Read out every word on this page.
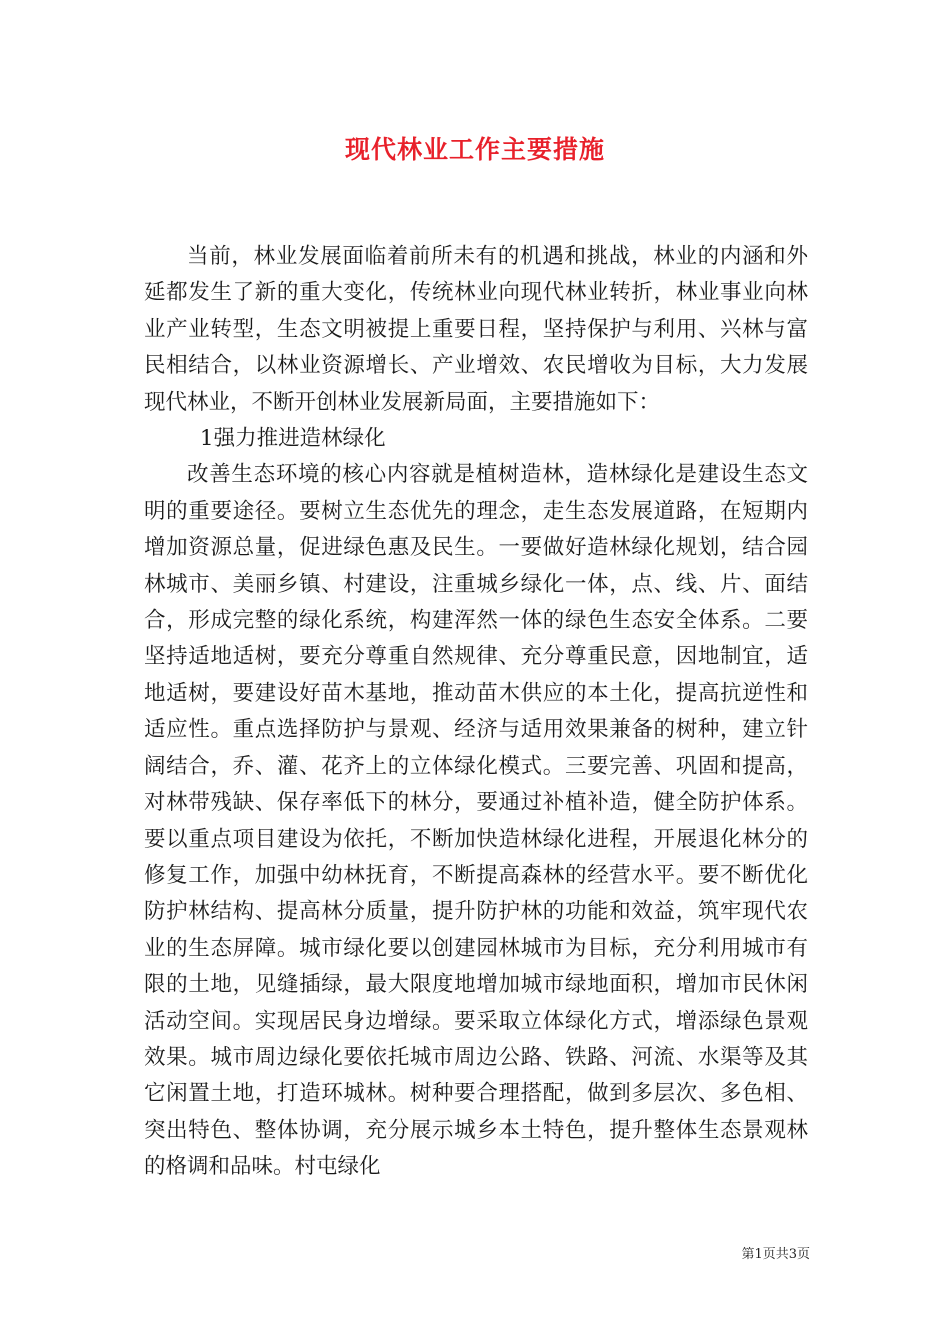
现代林业工作主要措施

当前，林业发展面临着前所未有的机遇和挑战，林业的内涵和外延都发生了新的重大变化，传统林业向现代林业转折，林业事业向林业产业转型，生态文明被提上重要日程，坚持保护与利用、兴林与富民相结合，以林业资源增长、产业增效、农民增收为目标，大力发展现代林业，不断开创林业发展新局面，主要措施如下：

1强力推进造林绿化

改善生态环境的核心内容就是植树造林，造林绿化是建设生态文明的重要途径。要树立生态优先的理念，走生态发展道路，在短期内增加资源总量，促进绿色惠及民生。一要做好造林绿化规划，结合园林城市、美丽乡镇、村建设，注重城乡绿化一体，点、线、片、面结合，形成完整的绿化系统，构建浑然一体的绿色生态安全体系。二要坚持适地适树，要充分尊重自然规律、充分尊重民意，因地制宜，适地适树，要建设好苗木基地，推动苗木供应的本土化，提高抗逆性和适应性。重点选择防护与景观、经济与适用效果兼备的树种，建立针阔结合，乔、灌、花齐上的立体绿化模式。三要完善、巩固和提高，对林带残缺、保存率低下的林分，要通过补植补造，健全防护体系。要以重点项目建设为依托，不断加快造林绿化进程，开展退化林分的修复工作，加强中幼林抚育，不断提高森林的经营水平。要不断优化防护林结构、提高林分质量，提升防护林的功能和效益，筑牢现代农业的生态屏障。城市绿化要以创建园林城市为目标，充分利用城市有限的土地，见缝插绿，最大限度地增加城市绿地面积，增加市民休闲活动空间。实现居民身边增绿。要采取立体绿化方式，增添绿色景观效果。城市周边绿化要依托城市周边公路、铁路、河流、水渠等及其它闲置土地，打造环城林。树种要合理搭配，做到多层次、多色相、突出特色、整体协调，充分展示城乡本土特色，提升整体生态景观林的格调和品味。村屯绿化

第1页共3页
